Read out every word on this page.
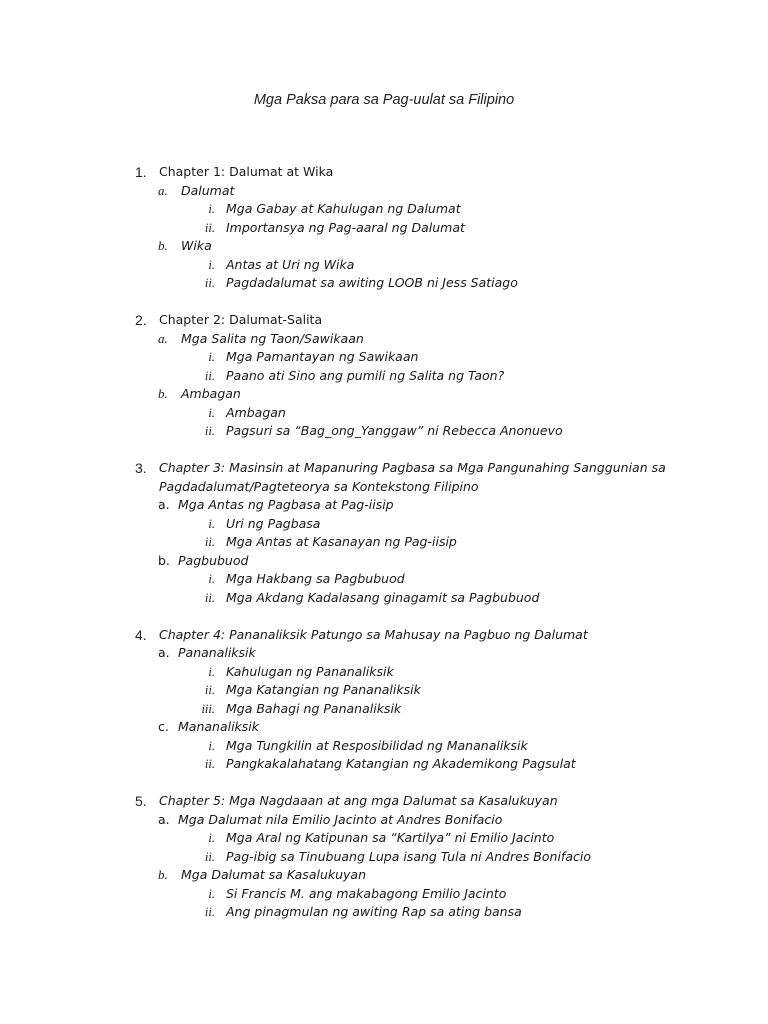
Mga Paksa para sa Pag-uulat sa Filipino
1. Chapter 1: Dalumat at Wika
a.	Dalumat
i. Mga Gabay at Kahulugan ng Dalumat
ii. Importansya ng Pag-aaral ng Dalumat
b.	Wika
i. Antas at Uri ng Wika
ii. Pagdadalumat sa awiting LOOB ni Jess Satiago
2. Chapter 2: Dalumat-Salita
a.	Mga Salita ng Taon/Sawikaan
i. Mga Pamantayan ng Sawikaan
ii. Paano ati Sino ang pumili ng Salita ng Taon?
b.	Ambagan
i. Ambagan
ii. Pagsuri sa “Bag_ong_Yanggaw” ni Rebecca Anonuevo
3. Chapter 3: Masinsin at Mapanuring Pagbasa sa Mga Pangunahing Sanggunian sa
Pagdadalumat/Pagteteorya sa Kontekstong Filipino
a. Mga Antas ng Pagbasa at Pag-iisip
i. Uri ng Pagbasa
ii. Mga Antas at Kasanayan ng Pag-iisip
b. Pagbubuod
i. Mga Hakbang sa Pagbubuod
ii. Mga Akdang Kadalasang ginagamit sa Pagbubuod
4. Chapter 4: Pananaliksik Patungo sa Mahusay na Pagbuo ng Dalumat
a. Pananaliksik
i. Kahulugan ng Pananaliksik
ii. Mga Katangian ng Pananaliksik
iii. Mga Bahagi ng Pananaliksik
c. Mananaliksik
i. Mga Tungkilin at Resposibilidad ng Mananaliksik
ii. Pangkakalahatang Katangian ng Akademikong Pagsulat
5. Chapter 5: Mga Nagdaaan at ang mga Dalumat sa Kasalukuyan
a. Mga Dalumat nila Emilio Jacinto at Andres Bonifacio
i. Mga Aral ng Katipunan sa “Kartilya” ni Emilio Jacinto
ii. Pag-ibig sa Tinubuang Lupa isang Tula ni Andres Bonifacio
b.	Mga Dalumat sa Kasalukuyan
i. Si Francis M. ang makabagong Emilio Jacinto
ii. Ang pinagmulan ng awiting Rap sa ating bansa
